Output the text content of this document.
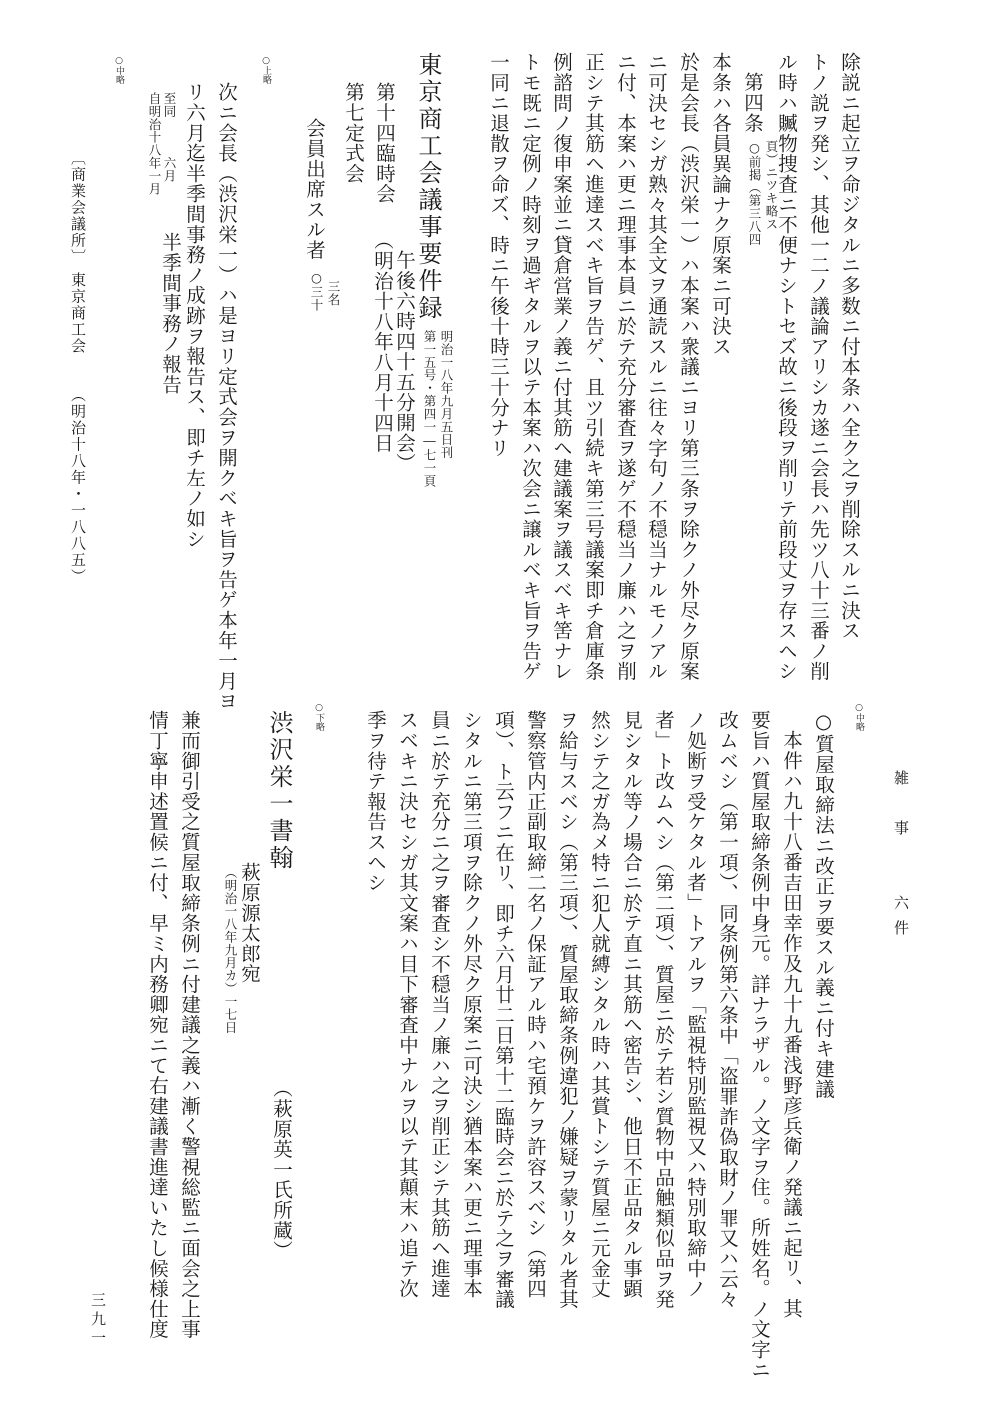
ル時ハ贓物捜査ニ不便ナシトセズ故ニ後段ヲ削リテ前段丈ヲ存スヘシ トノ説ヲ発シ、其他一二ノ議論アリシカ遂ニ会長ハ先ツ八十三番ノ削 除説ニ起立ヲ命ジタルニ多数ニ付本条ハ全ク之ヲ削除スルニ決ス
第四条
○前掲（第三八四 頁）ニツキ略ス
本条ハ各員異論ナク原案ニ可決ス
於是会長（渋沢栄一）ハ本案ハ衆議ニヨリ第三条ヲ除クノ外尽ク原案
ニ可決セシガ熟々其全文ヲ通読スルニ往々字句ノ不穏当ナルモノアル
ニ付、本案ハ更ニ理事本員ニ於テ充分審査ヲ遂ゲ不穏当ノ廉ハ之ヲ削
正シテ其筋ヘ進達スベキ旨ヲ告ゲ、且ツ引続キ第三号議案即チ倉庫条
例諮問ノ復申案並ニ貸倉営業ノ義ニ付其筋ヘ建議案ヲ議スベキ筈ナレ
トモ既ニ定例ノ時刻ヲ過ギタルヲ以テ本案ハ次会ニ譲ルベキ旨ヲ告ゲ
一同ニ退散ヲ命ズ、時ニ午後十時三十分ナリ
東京商工会議事要件録
第一五号・第四一―七一頁 明治一八年九月五日刊
第十四臨時会
（明治十八年八月十四日 午後六時四十五分開会）
第七定式会
会員出席スル者
○三十 三名
○上略
次ニ会長（渋沢栄一）ハ是ヨリ定式会ヲ開クベキ旨ヲ告ゲ本年一月ヨ
リ六月迄半季間事務ノ成跡ヲ報告ス、即チ左ノ如シ
自明治十八年一月 至同　　　六月
半季間事務ノ報告
○中略
〔商業会議所〕
東京商工会
（明治十八年・一八八五）
雑　事　　六件
○中略
○質屋取締法ニ改正ヲ要スル義ニ付キ建議
本件ハ九十八番吉田幸作及九十九番浅野彦兵衛ノ発議ニ起リ、其
要旨ハ質屋取締条例中身元。詳ナラザル。ノ文字ヲ住。所姓名。ノ文字ニ
改ムベシ（第一項）、同条例第六条中「盗罪詐偽取財ノ罪又ハ云々
ノ処断ヲ受ケタル者」トアルヲ「監視特別監視又ハ特別取締中ノ
者」ト改ムヘシ（第二項）、質屋ニ於テ若シ質物中品触類似品ヲ発
見シタル等ノ場合ニ於テ直ニ其筋ヘ密告シ、他日不正品タル事顕
然シテ之ガ為メ特ニ犯人就縛シタル時ハ其賞トシテ質屋ニ元金丈
ヲ給与スベシ（第三項）、質屋取締条例違犯ノ嫌疑ヲ蒙リタル者其
警察管内正副取締二名ノ保証アル時ハ宅預ケヲ許容スベシ（第四
項）、ト云フニ在リ、即チ六月廿二日第十二臨時会ニ於テ之ヲ審議
シタルニ第三項ヲ除クノ外尽ク原案ニ可決シ猶本案ハ更ニ理事本
員ニ於テ充分ニ之ヲ審査シ不穏当ノ廉ハ之ヲ削正シテ其筋ヘ進達
スベキニ決セシガ其文案ハ目下審査中ナルヲ以テ其顛末ハ追テ次
季ヲ待テ報告スヘシ
○下略
渋沢栄一書翰
萩原源太郎宛
（明治一八年九月カ）一七日
（萩原英一氏所蔵）
兼而御引受之質屋取締条例ニ付建議之義ハ漸く警視総監ニ面会之上事
情丁寧申述置候ニ付、早ミ内務卿宛ニて右建議書進達いたし候様仕度
三九一
